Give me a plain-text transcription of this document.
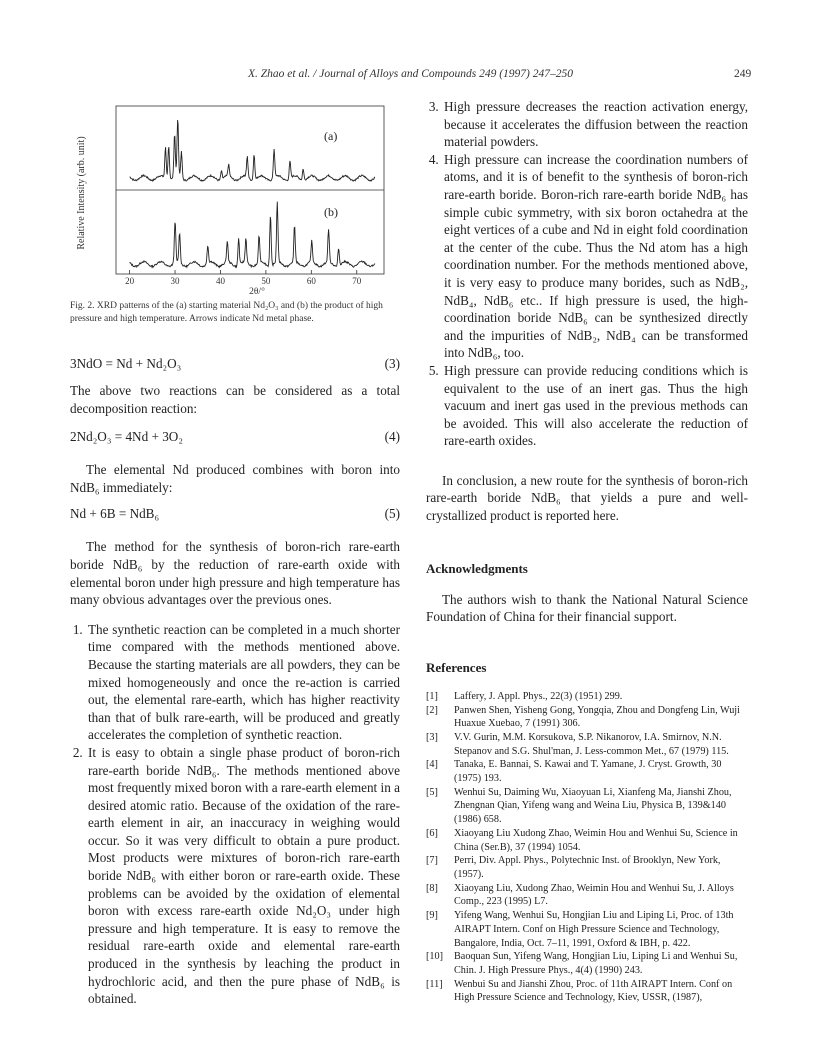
X. Zhao et al. / Journal of Alloys and Compounds 249 (1997) 247–250	249
Relative Intensity (arb. unit)
(a)
(b)
20	30	40	50	60	70
2θ/°
Fig. 2. XRD patterns of the (a) starting material Nd₂O₃ and (b) the product of high pressure and high temperature. Arrows indicate Nd metal phase.
3NdO = Nd + Nd₂O₃	(3)

The above two reactions can be considered as a total decomposition reaction:

2Nd₂O₃ = 4Nd + 3O₂	(4)

The elemental Nd produced combines with boron into NdB₆ immediately:

Nd + 6B = NdB₆	(5)

The method for the synthesis of boron-rich rare-earth boride NdB₆ by the reduction of rare-earth oxide with elemental boron under high pressure and high temperature has many obvious advantages over the previous ones.

1. The synthetic reaction can be completed in a much shorter time compared with the methods mentioned above. Because the starting materials are all powders, they can be mixed homogeneously and once the re-action is carried out, the elemental rare-earth, which has higher reactivity than that of bulk rare-earth, will be produced and greatly accelerates the completion of synthetic reaction.
2. It is easy to obtain a single phase product of boron-rich rare-earth boride NdB₆. The methods mentioned above most frequently mixed boron with a rare-earth element in a desired atomic ratio. Because of the oxidation of the rare-earth element in air, an inaccuracy in weighing would occur. So it was very difficult to obtain a pure product. Most products were mixtures of boron-rich rare-earth boride NdB₆ with either boron or rare-earth oxide. These problems can be avoided by the oxidation of elemental boron with excess rare-earth oxide Nd₂O₃ under high pressure and high temperature. It is easy to remove the residual rare-earth oxide and elemental rare-earth produced in the synthesis by leaching the product in hydrochloric acid, and then the pure phase of NdB₆ is obtained.
3. High pressure decreases the reaction activation energy, because it accelerates the diffusion between the reaction material powders.
4. High pressure can increase the coordination numbers of atoms, and it is of benefit to the synthesis of boron-rich rare-earth boride. Boron-rich rare-earth boride NdB₆ has simple cubic symmetry, with six boron octahedra at the eight vertices of a cube and Nd in eight fold coordination at the center of the cube. Thus the Nd atom has a high coordination number. For the methods mentioned above, it is very easy to produce many borides, such as NdB₂, NdB₄, NdB₆ etc.. If high pressure is used, the high-coordination boride NdB₆ can be synthesized directly and the impurities of NdB₂, NdB₄ can be transformed into NdB₆, too.
5. High pressure can provide reducing conditions which is equivalent to the use of an inert gas. Thus the high vacuum and inert gas used in the previous methods can be avoided. This will also accelerate the reduction of rare-earth oxides.

In conclusion, a new route for the synthesis of boron-rich rare-earth boride NdB₆ that yields a pure and well-crystallized product is reported here.

Acknowledgments

The authors wish to thank the National Natural Science Foundation of China for their financial support.

References
[1] Laffery, J. Appl. Phys., 22(3) (1951) 299.
[2] Panwen Shen, Yisheng Gong, Yongqia, Zhou and Dongfeng Lin, Wuji Huaxue Xuebao, 7 (1991) 306.
[3] V.V. Gurin, M.M. Korsukova, S.P. Nikanorov, I.A. Smirnov, N.N. Stepanov and S.G. Shul'man, J. Less-common Met., 67 (1979) 115.
[4] Tanaka, E. Bannai, S. Kawai and T. Yamane, J. Cryst. Growth, 30 (1975) 193.
[5] Wenhui Su, Daiming Wu, Xiaoyuan Li, Xianfeng Ma, Jianshi Zhou, Zhengnan Qian, Yifeng wang and Weina Liu, Physica B, 139&140 (1986) 658.
[6] Xiaoyang Liu Xudong Zhao, Weimin Hou and Wenhui Su, Science in China (Ser.B), 37 (1994) 1054.
[7] Perri, Div. Appl. Phys., Polytechnic Inst. of Brooklyn, New York, (1957).
[8] Xiaoyang Liu, Xudong Zhao, Weimin Hou and Wenhui Su, J. Alloys Comp., 223 (1995) L7.
[9] Yifeng Wang, Wenhui Su, Hongjian Liu and Liping Li, Proc. of 13th AIRAPT Intern. Conf on High Pressure Science and Technology, Bangalore, India, Oct. 7–11, 1991, Oxford & IBH, p. 422.
[10] Baoquan Sun, Yifeng Wang, Hongjian Liu, Liping Li and Wenhui Su, Chin. J. High Pressure Phys., 4(4) (1990) 243.
[11] Wenbui Su and Jianshi Zhou, Proc. of 11th AIRAPT Intern. Conf on High Pressure Science and Technology, Kiev, USSR, (1987),
